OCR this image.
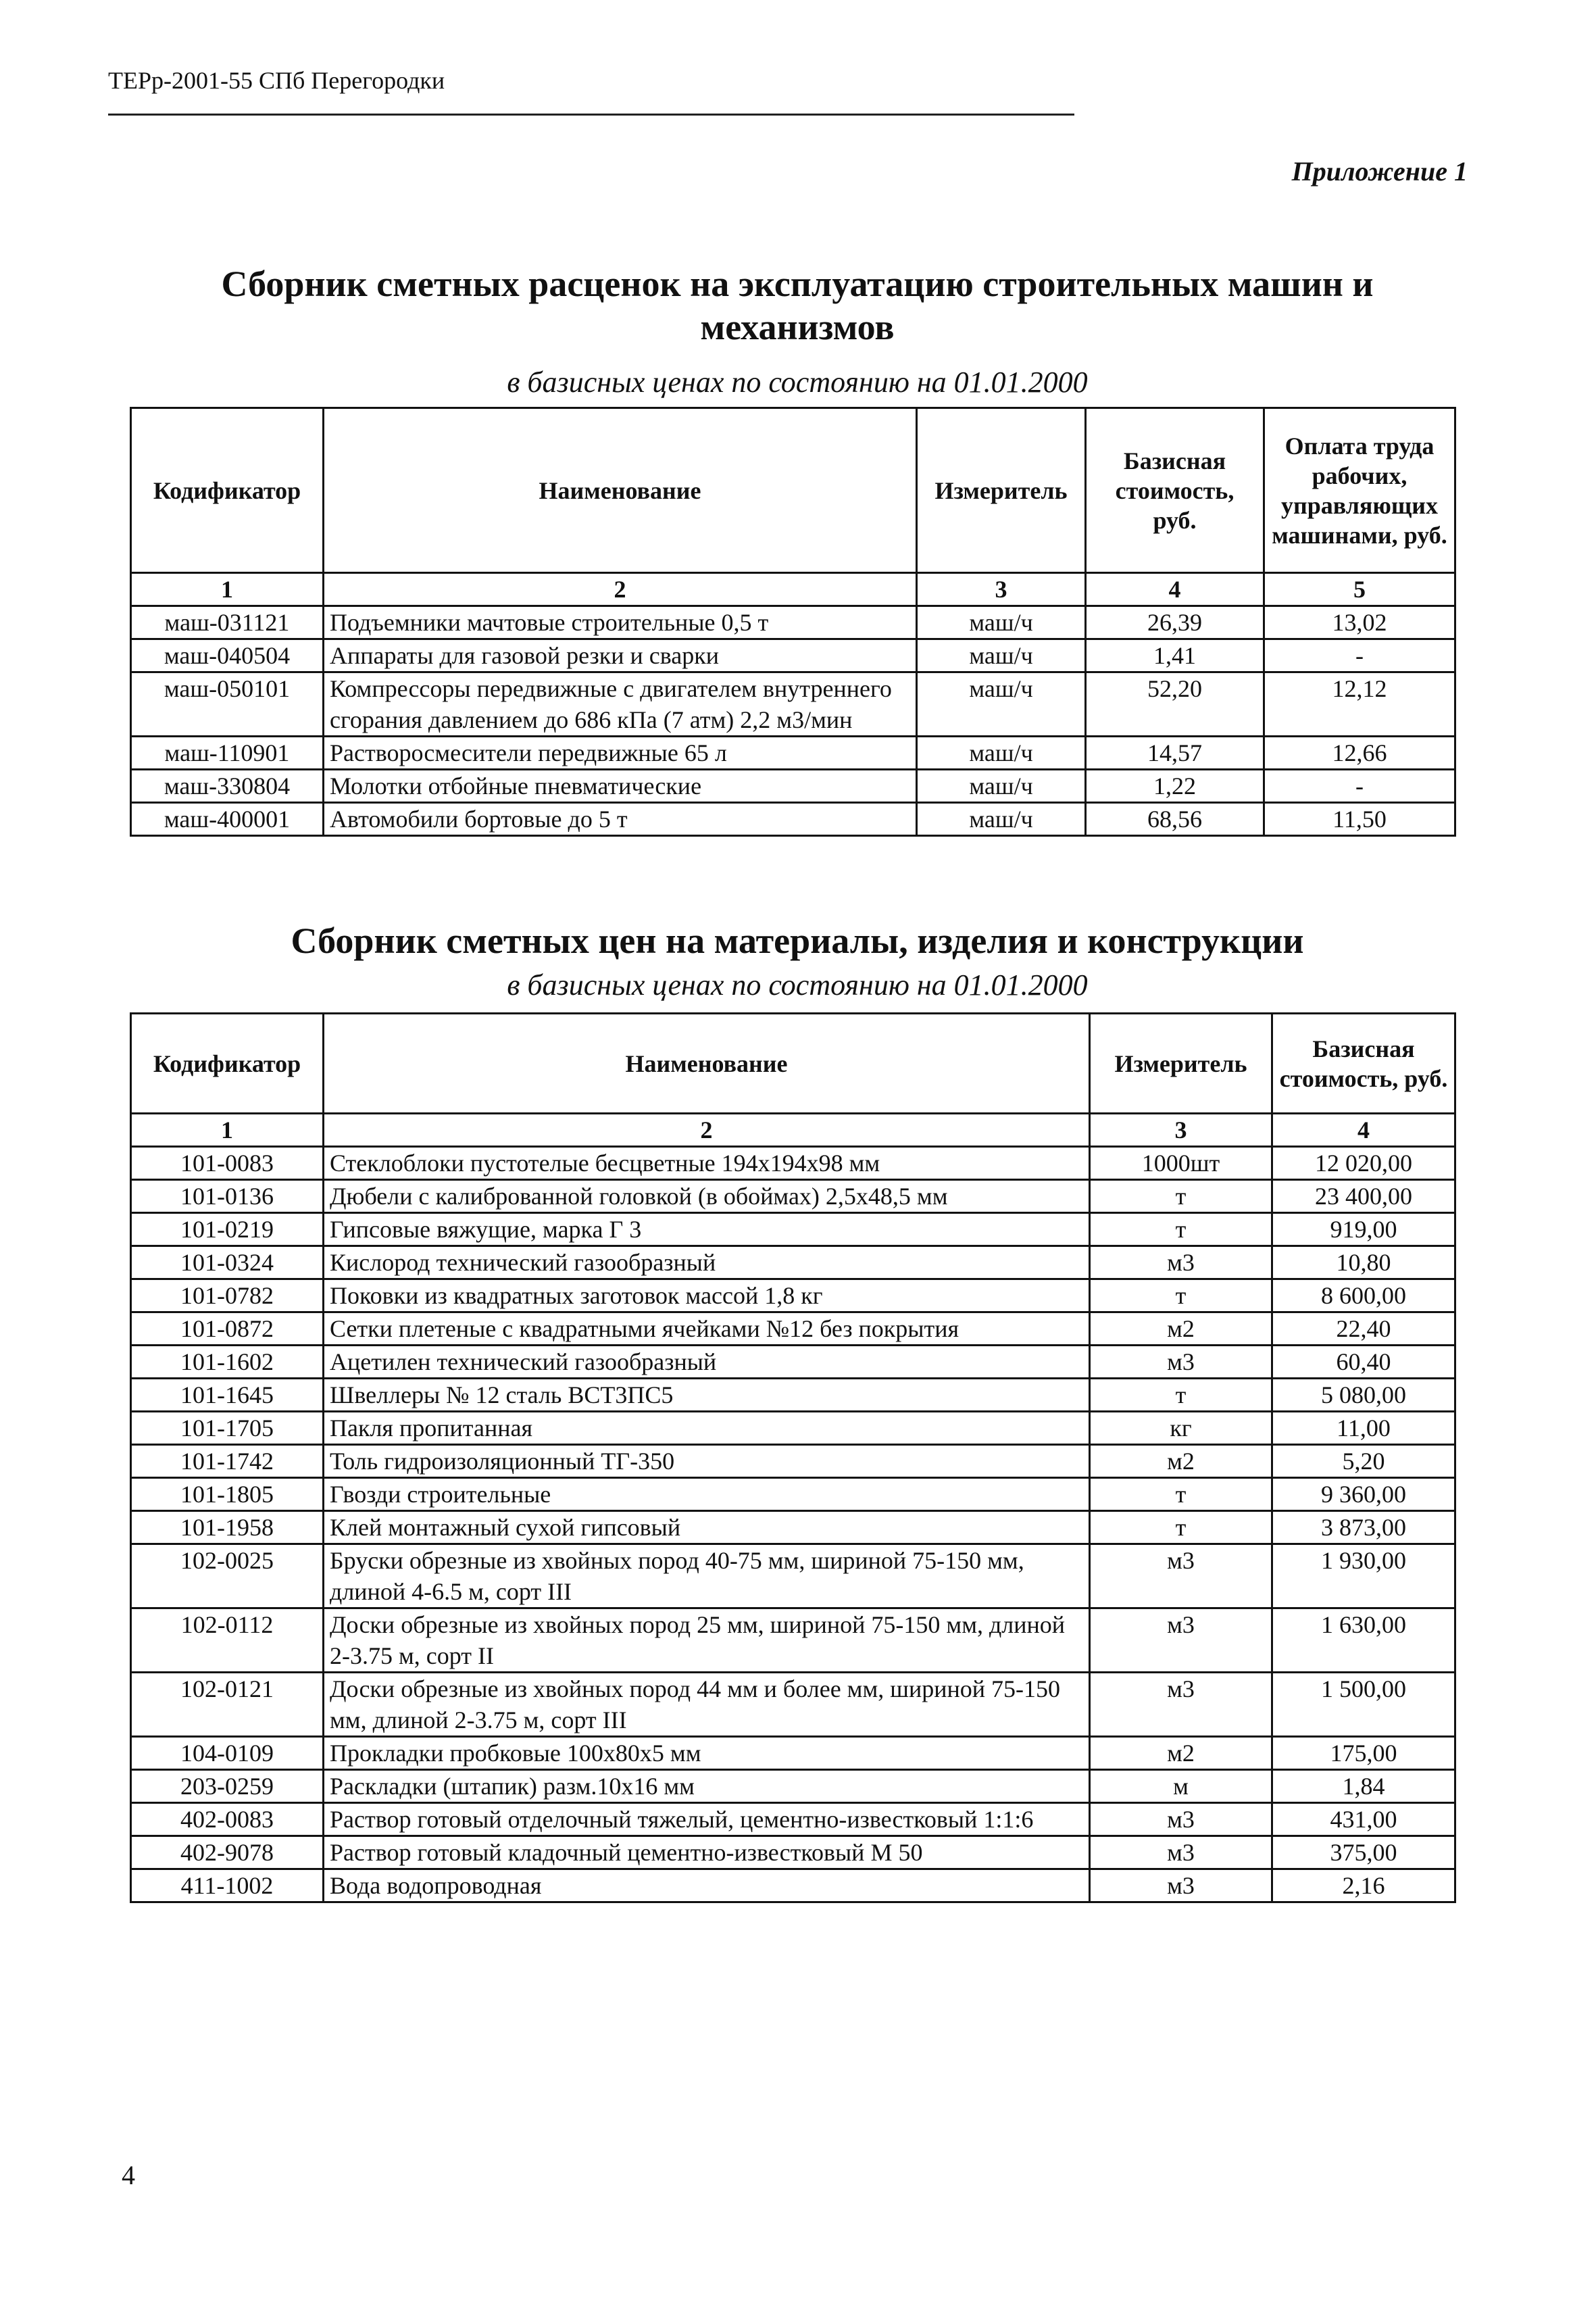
ТЕРр-2001-55 СПб Перегородки
Приложение 1
Сборник сметных расценок на эксплуатацию строительных машин и
механизмов
в базисных ценах по состоянию на 01.01.2000
Кодификатор	Наименование	Измеритель	Базисная стоимость, руб.	Оплата труда рабочих, управляющих машинами, руб.
1	2	3	4	5
маш-031121	Подъемники мачтовые строительные 0,5 т	маш/ч	26,39	13,02
маш-040504	Аппараты для газовой резки и сварки	маш/ч	1,41	-
маш-050101	Компрессоры передвижные с двигателем внутреннего сгорания давлением до 686 кПа (7 атм) 2,2 м3/мин	маш/ч	52,20	12,12
маш-110901	Растворосмесители передвижные 65 л	маш/ч	14,57	12,66
маш-330804	Молотки отбойные пневматические	маш/ч	1,22	-
маш-400001	Автомобили бортовые до 5 т	маш/ч	68,56	11,50
Сборник сметных цен на материалы, изделия и конструкции
в базисных ценах по состоянию на 01.01.2000
Кодификатор	Наименование	Измеритель	Базисная стоимость, руб.
1	2	3	4
101-0083	Стеклоблоки пустотелые бесцветные 194х194х98 мм	1000шт	12 020,00
101-0136	Дюбели с калиброванной головкой (в обоймах) 2,5х48,5 мм	т	23 400,00
101-0219	Гипсовые вяжущие, марка Г 3	т	919,00
101-0324	Кислород технический газообразный	м3	10,80
101-0782	Поковки из квадратных заготовок массой 1,8 кг	т	8 600,00
101-0872	Сетки плетеные с квадратными ячейками №12 без покрытия	м2	22,40
101-1602	Ацетилен технический газообразный	м3	60,40
101-1645	Швеллеры № 12 сталь ВСТ3ПС5	т	5 080,00
101-1705	Пакля пропитанная	кг	11,00
101-1742	Толь гидроизоляционный ТГ-350	м2	5,20
101-1805	Гвозди строительные	т	9 360,00
101-1958	Клей монтажный сухой гипсовый	т	3 873,00
102-0025	Бруски обрезные из хвойных пород 40-75 мм, шириной 75-150 мм, длиной 4-6.5 м, сорт III	м3	1 930,00
102-0112	Доски обрезные из хвойных пород 25 мм, шириной 75-150 мм, длиной 2-3.75 м, сорт II	м3	1 630,00
102-0121	Доски обрезные из хвойных пород 44 мм и более мм, шириной 75-150 мм, длиной 2-3.75 м, сорт III	м3	1 500,00
104-0109	Прокладки пробковые 100х80х5 мм	м2	175,00
203-0259	Раскладки (штапик) разм.10х16 мм	м	1,84
402-0083	Раствор готовый отделочный тяжелый, цементно-известковый 1:1:6	м3	431,00
402-9078	Раствор готовый кладочный цементно-известковый М 50	м3	375,00
411-1002	Вода водопроводная	м3	2,16
4
